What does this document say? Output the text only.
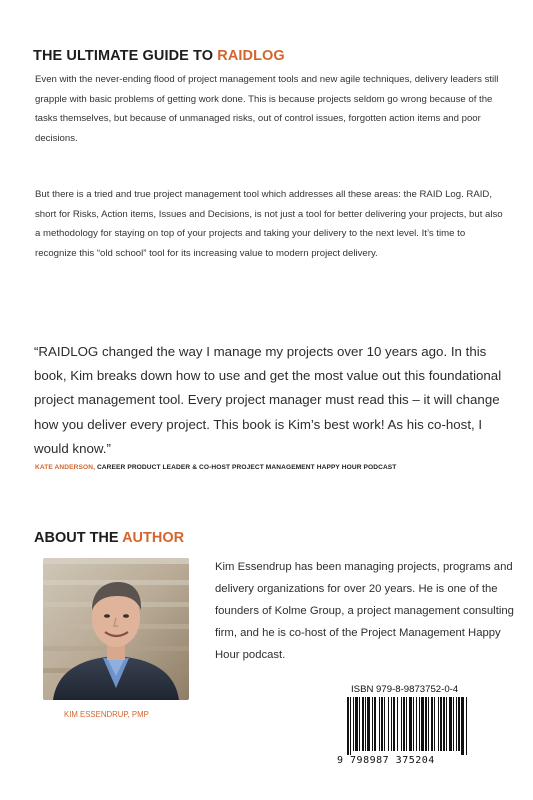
THE ULTIMATE GUIDE TO RAIDLOG

Even with the never-ending flood of project management tools and new agile techniques, delivery leaders still grapple with basic problems of getting work done. This is because projects seldom go wrong because of the tasks themselves, but because of unmanaged risks, out of control issues, forgotten action items and poor decisions.

But there is a tried and true project management tool which addresses all these areas: the RAID Log. RAID, short for Risks, Action items, Issues and Decisions, is not just a tool for better delivering your projects, but also a methodology for staying on top of your projects and taking your delivery to the next level. It’s time to recognize this “old school” tool for its increasing value to modern project delivery.

“RAIDLOG changed the way I manage my projects over 10 years ago. In this book, Kim breaks down how to use and get the most value out this foundational project management tool. Every project manager must read this – it will change how you deliver every project. This book is Kim’s best work! As his co-host, I would know.”

KATE ANDERSON, CAREER PRODUCT LEADER & CO-HOST PROJECT MANAGEMENT HAPPY HOUR PODCAST
ABOUT THE AUTHOR
KIM ESSENDRUP, PMP

Kim Essendrup has been managing projects, programs and delivery organizations for over 20 years. He is one of the founders of Kolme Group, a project management consulting firm, and he is co-host of the Project Management Happy Hour podcast.

ISBN 979-8-9873752-0-4
9 798987 375204
